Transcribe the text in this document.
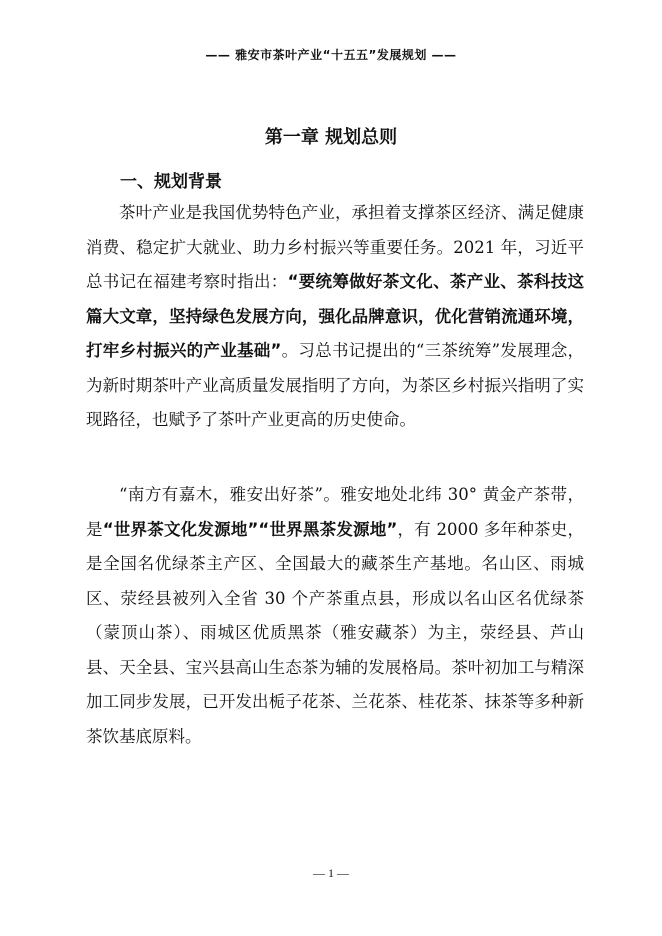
—— 雅安市茶叶产业“十五五”发展规划 ——
第一章 规划总则
一、规划背景

茶叶产业是我国优势特色产业，承担着支撑茶区经济、满足健康消费、稳定扩大就业、助力乡村振兴等重要任务。2021 年，习近平总书记在福建考察时指出：“要统筹做好茶文化、茶产业、茶科技这篇大文章，坚持绿色发展方向，强化品牌意识，优化营销流通环境，打牢乡村振兴的产业基础”。习总书记提出的“三茶统筹”发展理念，为新时期茶叶产业高质量发展指明了方向，为茶区乡村振兴指明了实现路径，也赋予了茶叶产业更高的历史使命。

“南方有嘉木，雅安出好茶”。雅安地处北纬 30° 黄金产茶带，是“世界茶文化发源地”“世界黑茶发源地”，有 2000 多年种茶史，是全国名优绿茶主产区、全国最大的藏茶生产基地。名山区、雨城区、荥经县被列入全省 30 个产茶重点县，形成以名山区名优绿茶（蒙顶山茶）、雨城区优质黑茶（雅安藏茶）为主，荥经县、芦山县、天全县、宝兴县高山生态茶为辅的发展格局。茶叶初加工与精深加工同步发展，已开发出栀子花茶、兰花茶、桂花茶、抹茶等多种新茶饮基底原料。

— 1 —
